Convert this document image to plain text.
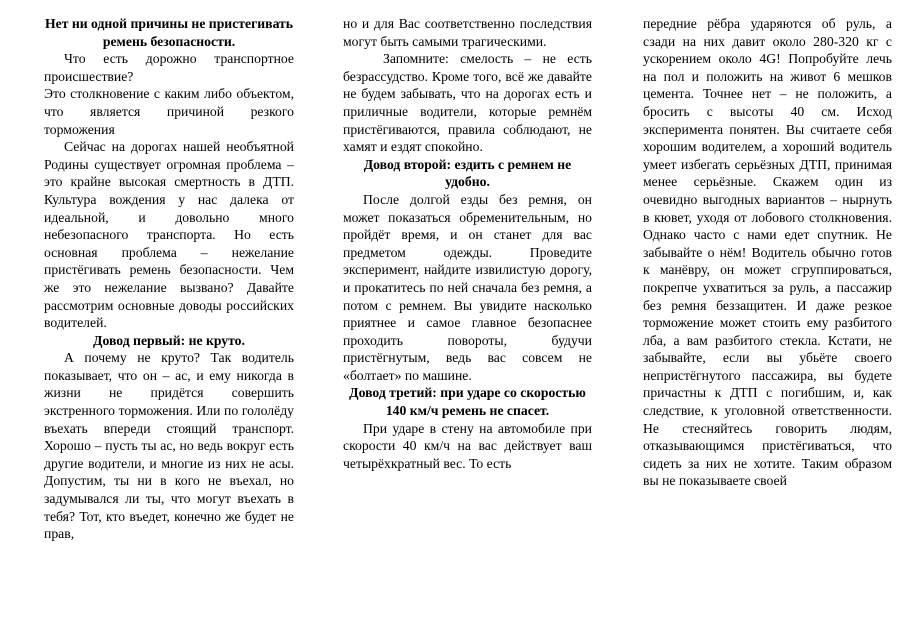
Нет ни одной причины не пристегивать ремень безопасности.

Что есть дорожно транспортное происшествие?

Это столкновение с каким либо объектом, что является причиной резкого торможения

Сейчас на дорогах нашей необъятной Родины существует огромная проблема – это крайне высокая смертность в ДТП. Культура вождения у нас далека от идеальной, и довольно много небезопасного транспорта. Но есть основная проблема – нежелание пристёгивать ремень безопасности. Чем же это нежелание вызвано? Давайте рассмотрим основные доводы российских водителей.

Довод первый: не круто.

А почему не круто? Так водитель показывает, что он – ас, и ему никогда в жизни не придётся совершить экстренного торможения. Или по гололёду въехать впереди стоящий транспорт. Хорошо – пусть ты ас, но ведь вокруг есть другие водители, и многие из них не асы. Допустим, ты ни в кого не въехал, но задумывался ли ты, что могут въехать в тебя? Тот, кто въедет, конечно же будет не прав,

но и для Вас соответственно последствия могут быть самыми трагическими.

Запомните: смелость – не есть безрассудство. Кроме того, всё же давайте не будем забывать, что на дорогах есть и приличные водители, которые ремнём пристёгиваются, правила соблюдают, не хамят и ездят спокойно.

Довод второй: ездить с ремнем не удобно.

После долгой езды без ремня, он может показаться обременительным, но пройдёт время, и он станет для вас предметом одежды. Проведите эксперимент, найдите извилистую дорогу, и прокатитесь по ней сначала без ремня, а потом с ремнем. Вы увидите насколько приятнее и самое главное безопаснее проходить повороты, будучи пристёгнутым, ведь вас совсем не «болтает» по машине.

Довод третий: при ударе со скоростью 140 км/ч ремень не спасет.

При ударе в стену на автомобиле при скорости 40 км/ч на вас действует ваш четырёхкратный вес. То есть

передние рёбра ударяются об руль, а сзади на них давит около 280-320 кг с ускорением около 4G! Попробуйте лечь на пол и положить на живот 6 мешков цемента. Точнее нет – не положить, а бросить с высоты 40 см. Исход эксперимента понятен. Вы считаете себя хорошим водителем, а хороший водитель умеет избегать серьёзных ДТП, принимая менее серьёзные. Скажем один из очевидно выгодных вариантов – нырнуть в кювет, уходя от лобового столкновения. Однако часто с нами едет спутник. Не забывайте о нём! Водитель обычно готов к манёвру, он может сгруппироваться, покрепче ухватиться за руль, а пассажир без ремня беззащитен. И даже резкое торможение может стоить ему разбитого лба, а вам разбитого стекла. Кстати, не забывайте, если вы убьёте своего непристёгнутого пассажира, вы будете причастны к ДТП с погибшим, и, как следствие, к уголовной ответственности. Не стесняйтесь говорить людям, отказывающимся пристёгиваться, что сидеть за них не хотите. Таким образом вы не показываете своей
